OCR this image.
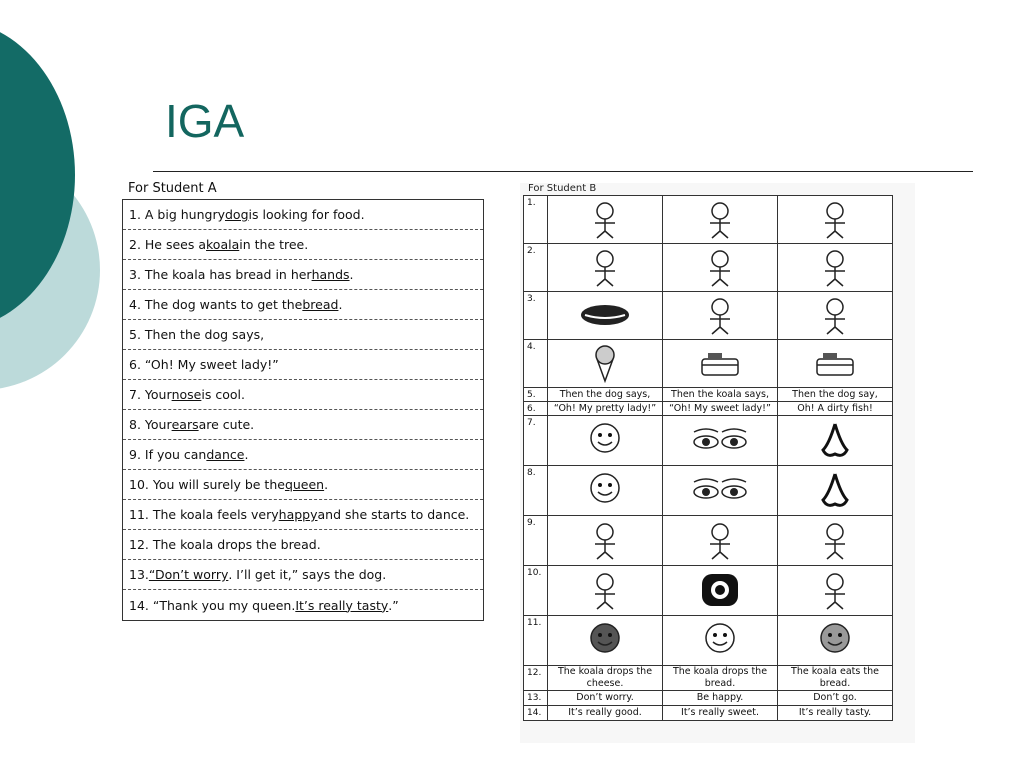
IGA
For Student A
1. A big hungry dog is looking for food.
2. He sees a koala in the tree.
3. The koala has bread in her hands .
4. The dog wants to get the bread .
5. Then the dog says,
6. “Oh! My sweet lady!”
7. Your nose is cool.
8. Your ears are cute.
9. If you can dance .
10. You will surely be the queen .
11. The koala feels very happy and she starts to dance.
12. The koala drops the bread.
13. “Don’t worry . I’ll get it,” says the dog.
14. “Thank you my queen. It’s really tasty .”
For Student B
1.	

2.	

3.	

4.	

5.	Then the dog says,	Then the koala says,	Then the dog say,
6.	“Oh! My pretty lady!”	“Oh! My sweet lady!”	Oh! A dirty fish!
7.	

8.	

9.	

10.	

11.	

12.	The koala drops the cheese.	The koala drops the bread.	The koala eats the bread.
13.	Don’t worry.	Be happy.	Don’t go.
14.	It’s really good.	It’s really sweet.	It’s really tasty.
